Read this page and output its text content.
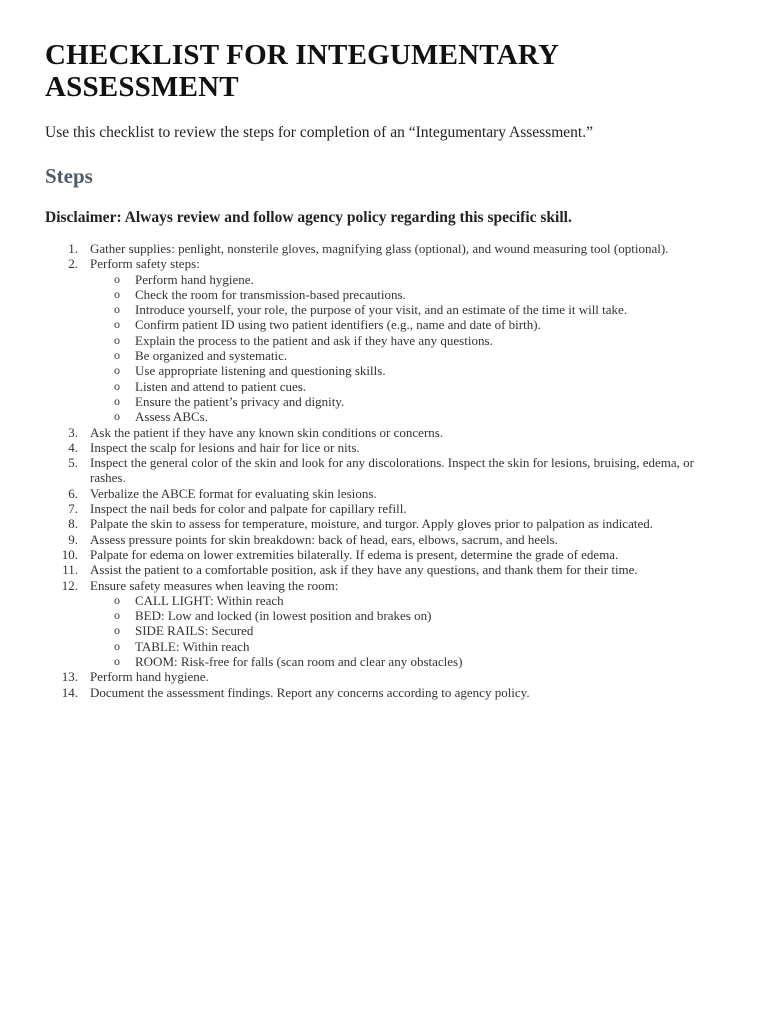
CHECKLIST FOR INTEGUMENTARY ASSESSMENT

Use this checklist to review the steps for completion of an “Integumentary Assessment.”

Steps

Disclaimer: Always review and follow agency policy regarding this specific skill.

1. Gather supplies: penlight, nonsterile gloves, magnifying glass (optional), and wound measuring tool (optional).
2. Perform safety steps:
o	Perform hand hygiene.
o	Check the room for transmission-based precautions.
o	Introduce yourself, your role, the purpose of your visit, and an estimate of the time it will take.
o	Confirm patient ID using two patient identifiers (e.g., name and date of birth).
o	Explain the process to the patient and ask if they have any questions.
o	Be organized and systematic.
o	Use appropriate listening and questioning skills.
o	Listen and attend to patient cues.
o	Ensure the patient’s privacy and dignity.
o	Assess ABCs.
3. Ask the patient if they have any known skin conditions or concerns.
4. Inspect the scalp for lesions and hair for lice or nits.
5. Inspect the general color of the skin and look for any discolorations. Inspect the skin for lesions, bruising, edema, or rashes.
6. Verbalize the ABCE format for evaluating skin lesions.
7. Inspect the nail beds for color and palpate for capillary refill.
8. Palpate the skin to assess for temperature, moisture, and turgor. Apply gloves prior to palpation as indicated.
9. Assess pressure points for skin breakdown: back of head, ears, elbows, sacrum, and heels.
10. Palpate for edema on lower extremities bilaterally. If edema is present, determine the grade of edema.
11. Assist the patient to a comfortable position, ask if they have any questions, and thank them for their time.
12. Ensure safety measures when leaving the room:
o	CALL LIGHT: Within reach
o	BED: Low and locked (in lowest position and brakes on)
o	SIDE RAILS: Secured
o	TABLE: Within reach
o	ROOM: Risk-free for falls (scan room and clear any obstacles)
13. Perform hand hygiene.
14. Document the assessment findings. Report any concerns according to agency policy.
